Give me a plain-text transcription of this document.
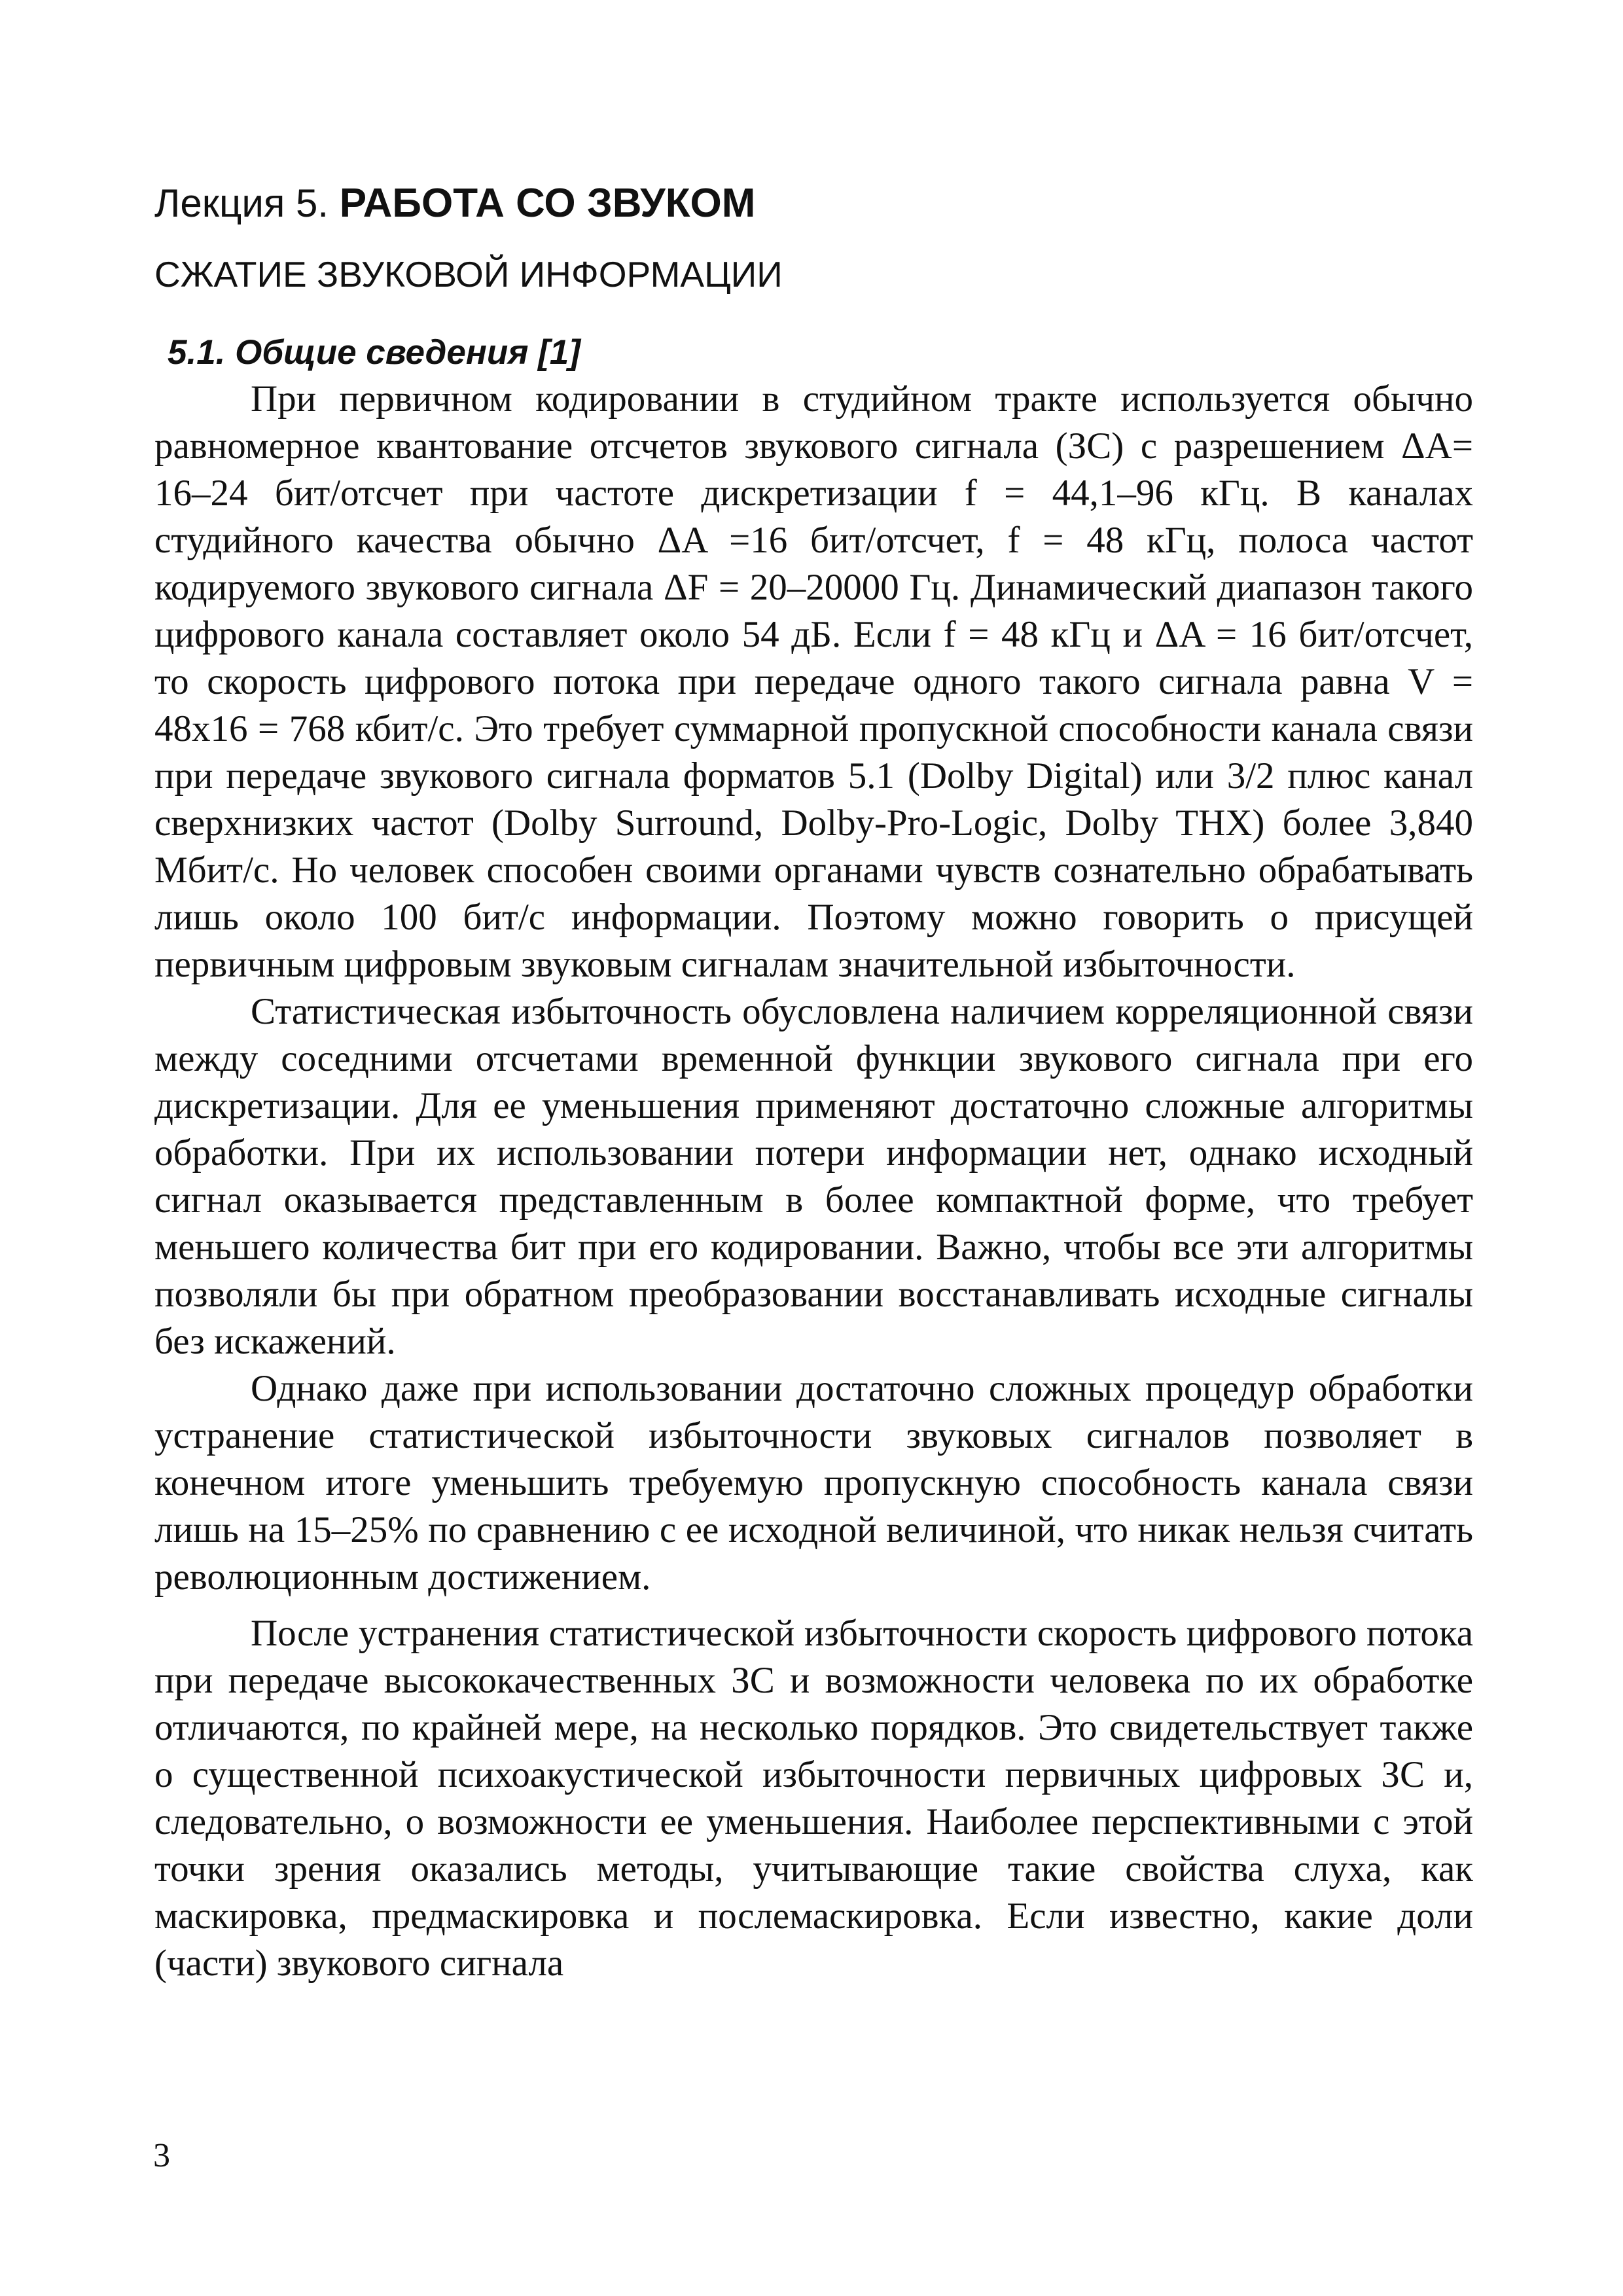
Лекция 5. РАБОТА СО ЗВУКОМ
СЖАТИЕ ЗВУКОВОЙ ИНФОРМАЦИИ
5.1. Общие сведения [1]

При первичном кодировании в студийном тракте используется обычно равномерное квантование отсчетов звукового сигнала (ЗС) с разрешением ΔA= 16–24 бит/отсчет при частоте дискретизации f = 44,1–96 кГц. В каналах студийного качества обычно ΔA =16 бит/отсчет, f = 48 кГц, полоса частот кодируемого звукового сигнала ΔF = 20–20000 Гц. Динамический диапазон такого цифрового канала составляет около 54 дБ. Если f = 48 кГц и ΔA = 16 бит/отсчет, то скорость цифрового потока при передаче одного такого сигнала равна V = 48x16 = 768 кбит/с. Это требует суммарной пропускной способности канала связи при передаче звукового сигнала форматов 5.1 (Dolby Digital) или 3/2 плюс канал сверхнизких частот (Dolby Surround, Dolby-Pro-Logic, Dolby THX) более 3,840 Мбит/с. Но человек способен своими органами чувств сознательно обрабатывать лишь около 100 бит/с информации. Поэтому можно говорить о присущей первичным цифровым звуковым сигналам значительной избыточности.

Статистическая избыточность обусловлена наличием корреляционной связи между соседними отсчетами временной функции звукового сигнала при его дискретизации. Для ее уменьшения применяют достаточно сложные алгоритмы обработки. При их использовании потери информации нет, однако исходный сигнал оказывается представленным в более компактной форме, что требует меньшего количества бит при его кодировании. Важно, чтобы все эти алгоритмы позволяли бы при обратном преобразовании восстанавливать исходные сигналы без искажений.

Однако даже при использовании достаточно сложных процедур обработки устранение статистической избыточности звуковых сигналов позволяет в конечном итоге уменьшить требуемую пропускную способность канала связи лишь на 15–25% по сравнению с ее исходной величиной, что никак нельзя считать революционным достижением.

После устранения статистической избыточности скорость цифрового потока при передаче высококачественных ЗС и возможности человека по их обработке отличаются, по крайней мере, на несколько порядков. Это свидетельствует также о существенной психоакустической избыточности первичных цифровых ЗС и, следовательно, о возможности ее уменьшения. Наиболее перспективными с этой точки зрения оказались методы, учитывающие такие свойства слуха, как маскировка, предмаскировка и послемаскировка. Если известно, какие доли (части) звукового сигнала

3
